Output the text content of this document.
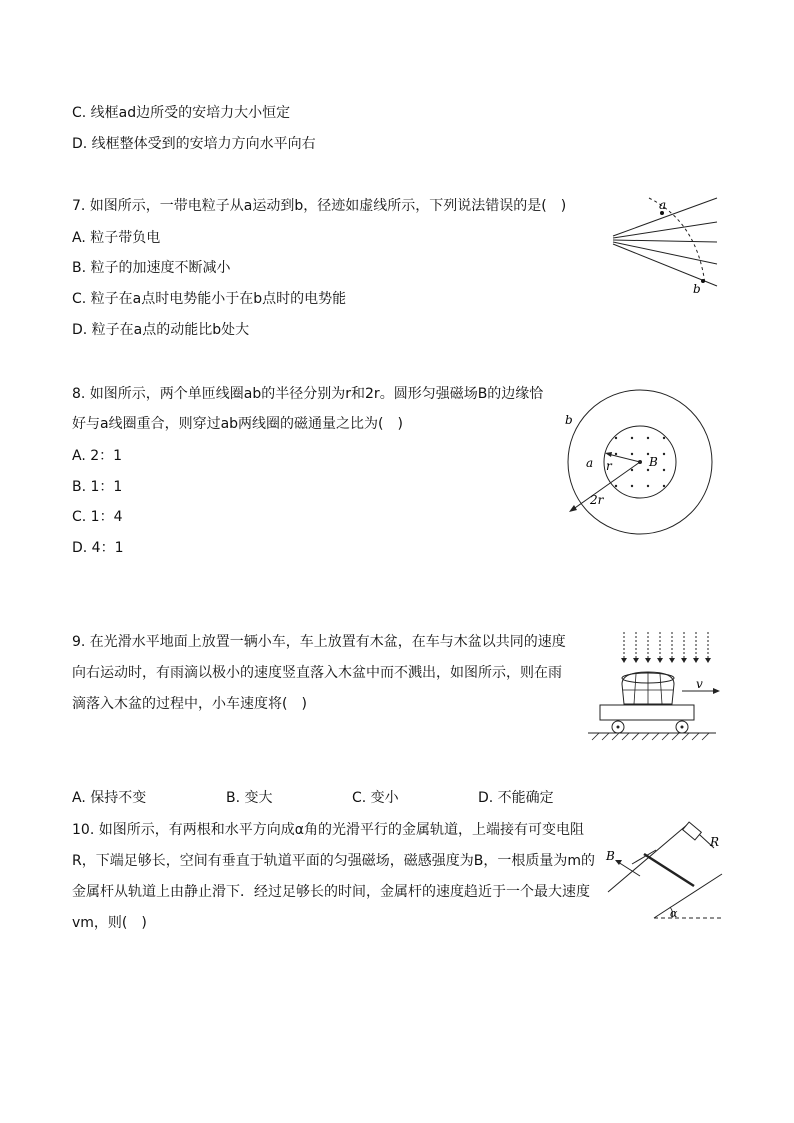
C. 线框ad边所受的安培力大小恒定
D. 线框整体受到的安培力方向水平向右
7. 如图所示，一带电粒子从a运动到b，径迹如虚线所示，下列说法错误的是(　)
A. 粒子带负电
B. 粒子的加速度不断减小
C. 粒子在a点时电势能小于在b点时的电势能
D. 粒子在a点的动能比b处大
a
b
8. 如图所示，两个单匝线圈ab的半径分别为r和2r。圆形匀强磁场B的边缘恰
好与a线圈重合，则穿过ab两线圈的磁通量之比为(　)
A. 2：1
B. 1：1
C. 1：4
D. 4：1
b
a r	B
2r
9. 在光滑水平地面上放置一辆小车，车上放置有木盆，在车与木盆以共同的速度
向右运动时，有雨滴以极小的速度竖直落入木盆中而不溅出，如图所示，则在雨
滴落入木盆的过程中，小车速度将(　)
v
A. 保持不变	B. 变大	C. 变小	D. 不能确定
10. 如图所示，有两根和水平方向成α角的光滑平行的金属轨道，上端接有可变电阻
R，下端足够长，空间有垂直于轨道平面的匀强磁场，磁感强度为B，一根质量为m的
金属杆从轨道上由静止滑下．经过足够长的时间，金属杆的速度趋近于一个最大速度
vm，则(　)
R
B
α
